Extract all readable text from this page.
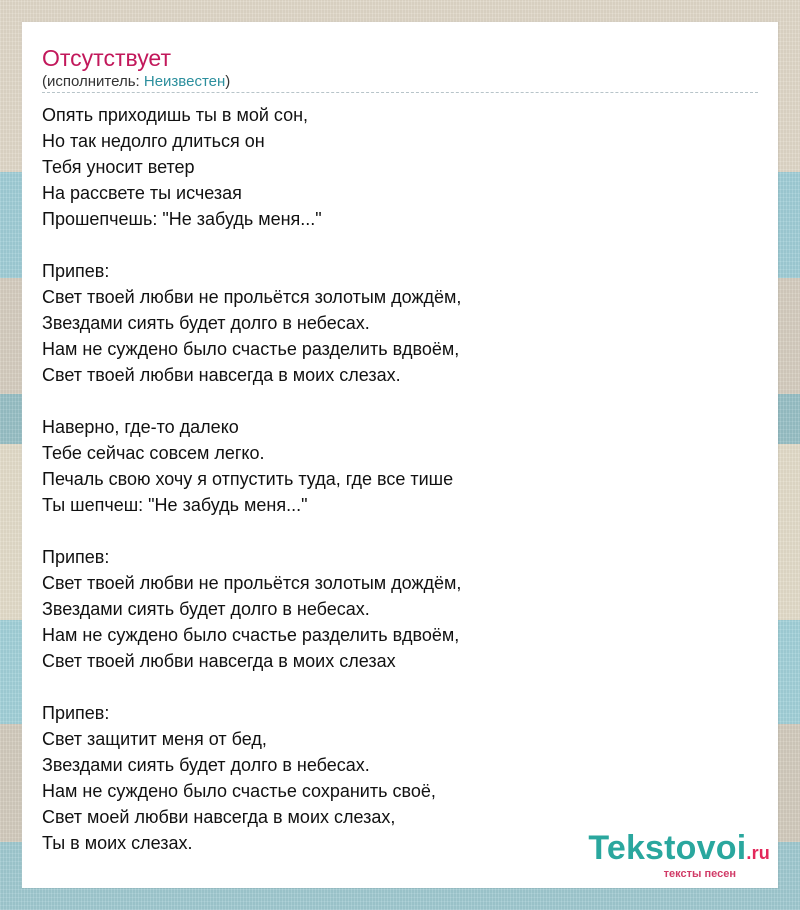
Отсутствует
(исполнитель: Неизвестен)
Опять приходишь ты в мой сон,
Но так недолго длиться он
Тебя уносит ветер
На рассвете ты исчезая
Прошепчешь: "Не забудь меня..."
Припев:
Свет твоей любви не прольётся золотым дождём,
Звездами сиять будет долго в небесах.
Нам не суждено было счастье разделить вдвоём,
Свет твоей любви навсегда в моих слезах.
Наверно, где-то далеко
Тебе сейчас совсем легко.
Печаль свою хочу я отпустить туда, где все тише
Ты шепчеш: "Не забудь меня..."
Припев:
Свет твоей любви не прольётся золотым дождём,
Звездами сиять будет долго в небесах.
Нам не суждено было счастье разделить вдвоём,
Свет твоей любви навсегда в моих слезах
Припев:
Свет защитит меня от бед,
Звездами сиять будет долго в небесах.
Нам не суждено было счастье сохранить своё,
Свет моей любви навсегда в моих слезах,
Ты в моих слезах.	Tekstovoi.ru
тексты песен
